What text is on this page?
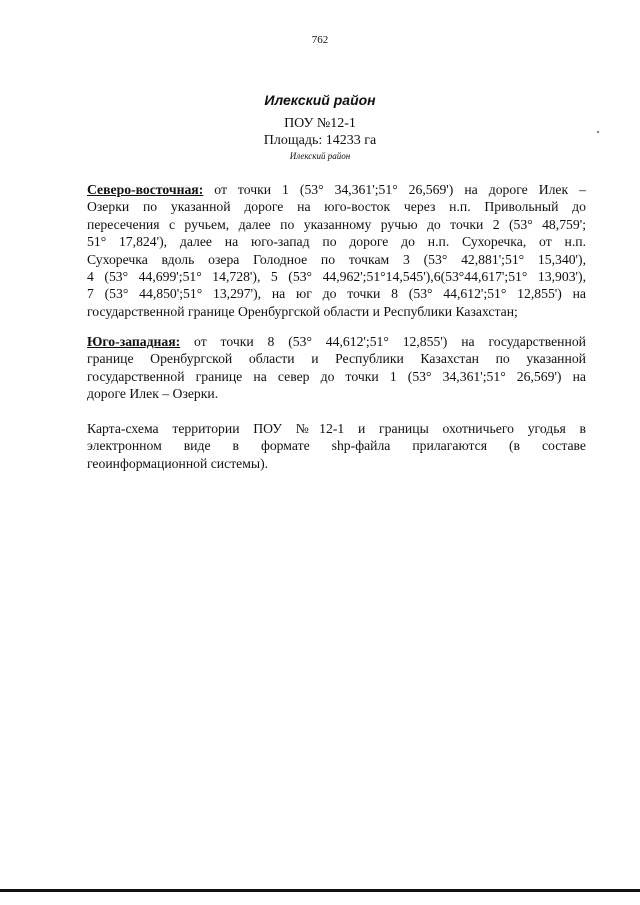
762
Илекский район
ПОУ №12-1
Площадь: 14233 га
Илекский район
Северо-восточная: от точки 1 (53° 34,361';51° 26,569') на дороге Илек –
Озерки по указанной дороге на юго-восток через н.п. Привольный до
пересечения с ручьем, далее по указанному ручью до точки 2 (53° 48,759';
51° 17,824'), далее на юго-запад по дороге до н.п. Сухоречка, от н.п.
Сухоречка вдоль озера Голодное по точкам 3 (53° 42,881';51° 15,340'),
4 (53° 44,699';51° 14,728'), 5 (53° 44,962';51°14,545'),6(53°44,617';51° 13,903'),
7 (53° 44,850';51° 13,297'), на юг до точки 8 (53° 44,612';51° 12,855') на
государственной границе Оренбургской области и Республики Казахстан;
Юго-западная: от точки 8 (53° 44,612';51° 12,855') на государственной
границе Оренбургской области и Республики Казахстан по указанной
государственной границе на север до точки 1 (53° 34,361';51° 26,569') на
дороге Илек – Озерки.
Карта-схема территории ПОУ №12-1 и границы охотничьего угодья в
электронном виде в формате shp-файла прилагаются (в составе
геоинформационной системы).
